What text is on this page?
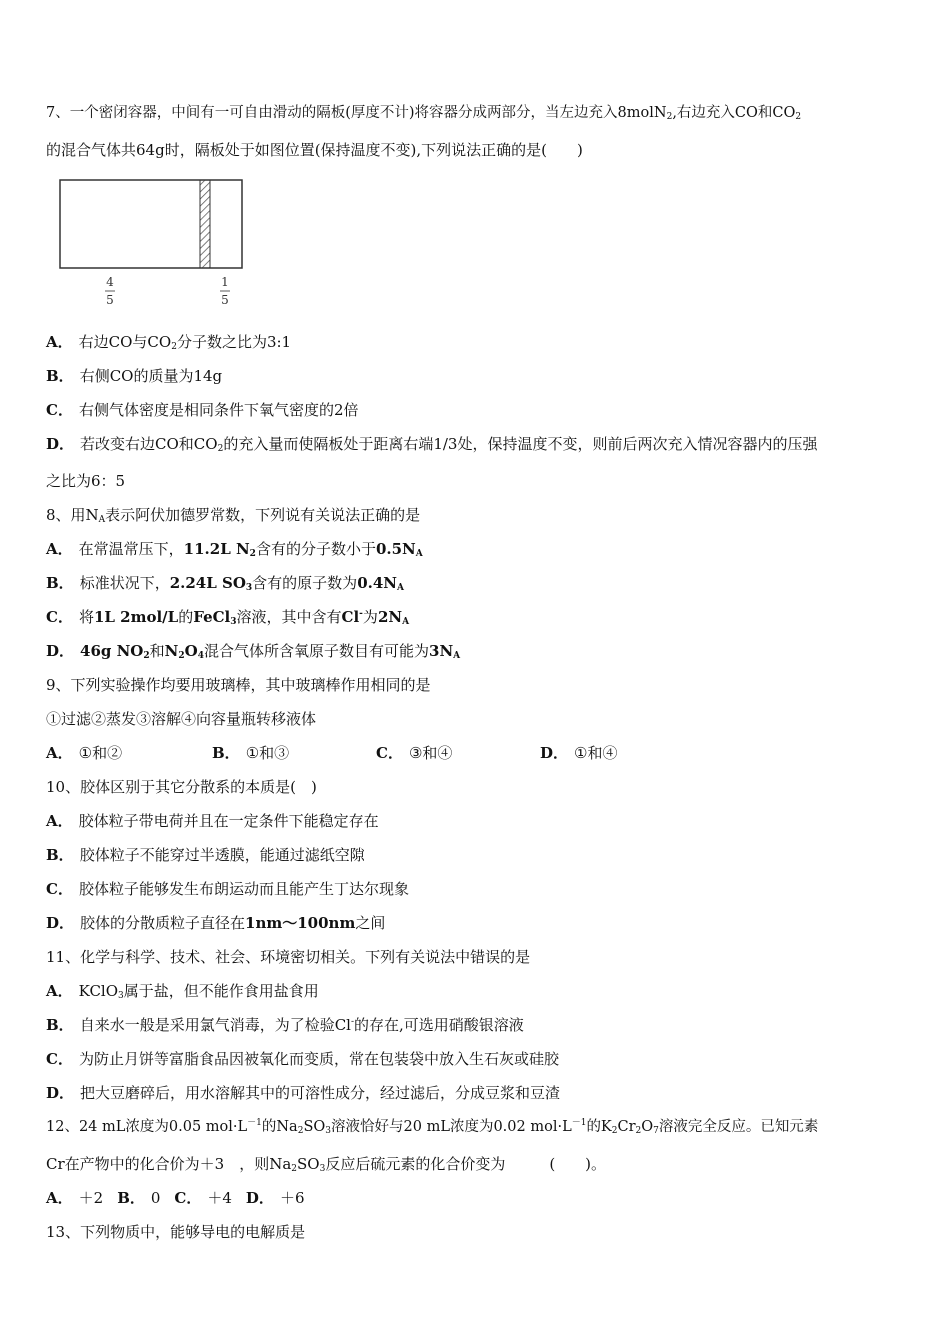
7、一个密闭容器，中间有一可自由滑动的隔板(厚度不计)将容器分成两部分，当左边充入8molN$_2$,右边充入CO和$CO_2$
的混合气体共64g时，隔板处于如图位置(保持温度不变),下列说法正确的是(　　)
4
5
1
5
A． 右边CO与$CO_2$分子数之比为3:1
B． 右侧CO的质量为14g
C． 右侧气体密度是相同条件下氧气密度的2倍
D． 若改变右边CO和$CO_2$的充入量而使隔板处于距离右端1/3处，保持温度不变，则前后两次充入情况容器内的压强
之比为6：5
8、用$N_A$表示阿伏加德罗常数，下列说有关说法正确的是
A． 在常温常压下，11.2L $N_2$含有的分子数小于$0.5N_A$
B． 标准状况下，2.24L $SO_3$含有的原子数为$0.4N_A$
C． 将1L 2mol/L的FeCl$_3$溶液，其中含有Cl-为$2N_A$
D． 46g $NO_2$和$N_2O_4$混合气体所含氧原子数目有可能为$3N_A$
9、下列实验操作均要用玻璃棒，其中玻璃棒作用相同的是
①过滤②蒸发③溶解④向容量瓶转移液体
A． ①和②	B． ①和③	C． ③和④	D． ①和④
10、胶体区别于其它分散系的本质是(　)
A． 胶体粒子带电荷并且在一定条件下能稳定存在
B． 胶体粒子不能穿过半透膜，能通过滤纸空隙
C． 胶体粒子能够发生布朗运动而且能产生丁达尔现象
D． 胶体的分散质粒子直径在1nm～100nm之间
11、化学与科学、技术、社会、环境密切相关。下列有关说法中错误的是
A． KClO$_3$属于盐，但不能作食用盐食用
B． 自来水一般是采用氯气消毒，为了检验Cl-的存在,可选用硝酸银溶液
C． 为防止月饼等富脂食品因被氧化而变质，常在包装袋中放入生石灰或硅胶
D． 把大豆磨碎后，用水溶解其中的可溶性成分，经过滤后，分成豆浆和豆渣
12、24 mL浓度为0.05 $mol\cdot L^{-1}$的$Na_2SO_3$溶液恰好与20 mL浓度为0.02 $mol\cdot L^{-1}$的$K_2Cr_2O_7$溶液完全反应。已知元素
Cr在产物中的化合价为＋3　，则$Na_2SO_3$反应后硫元素的化合价变为	(　　)。
A． ＋2 B． 0 C． ＋4 D． ＋6
13、下列物质中，能够导电的电解质是
